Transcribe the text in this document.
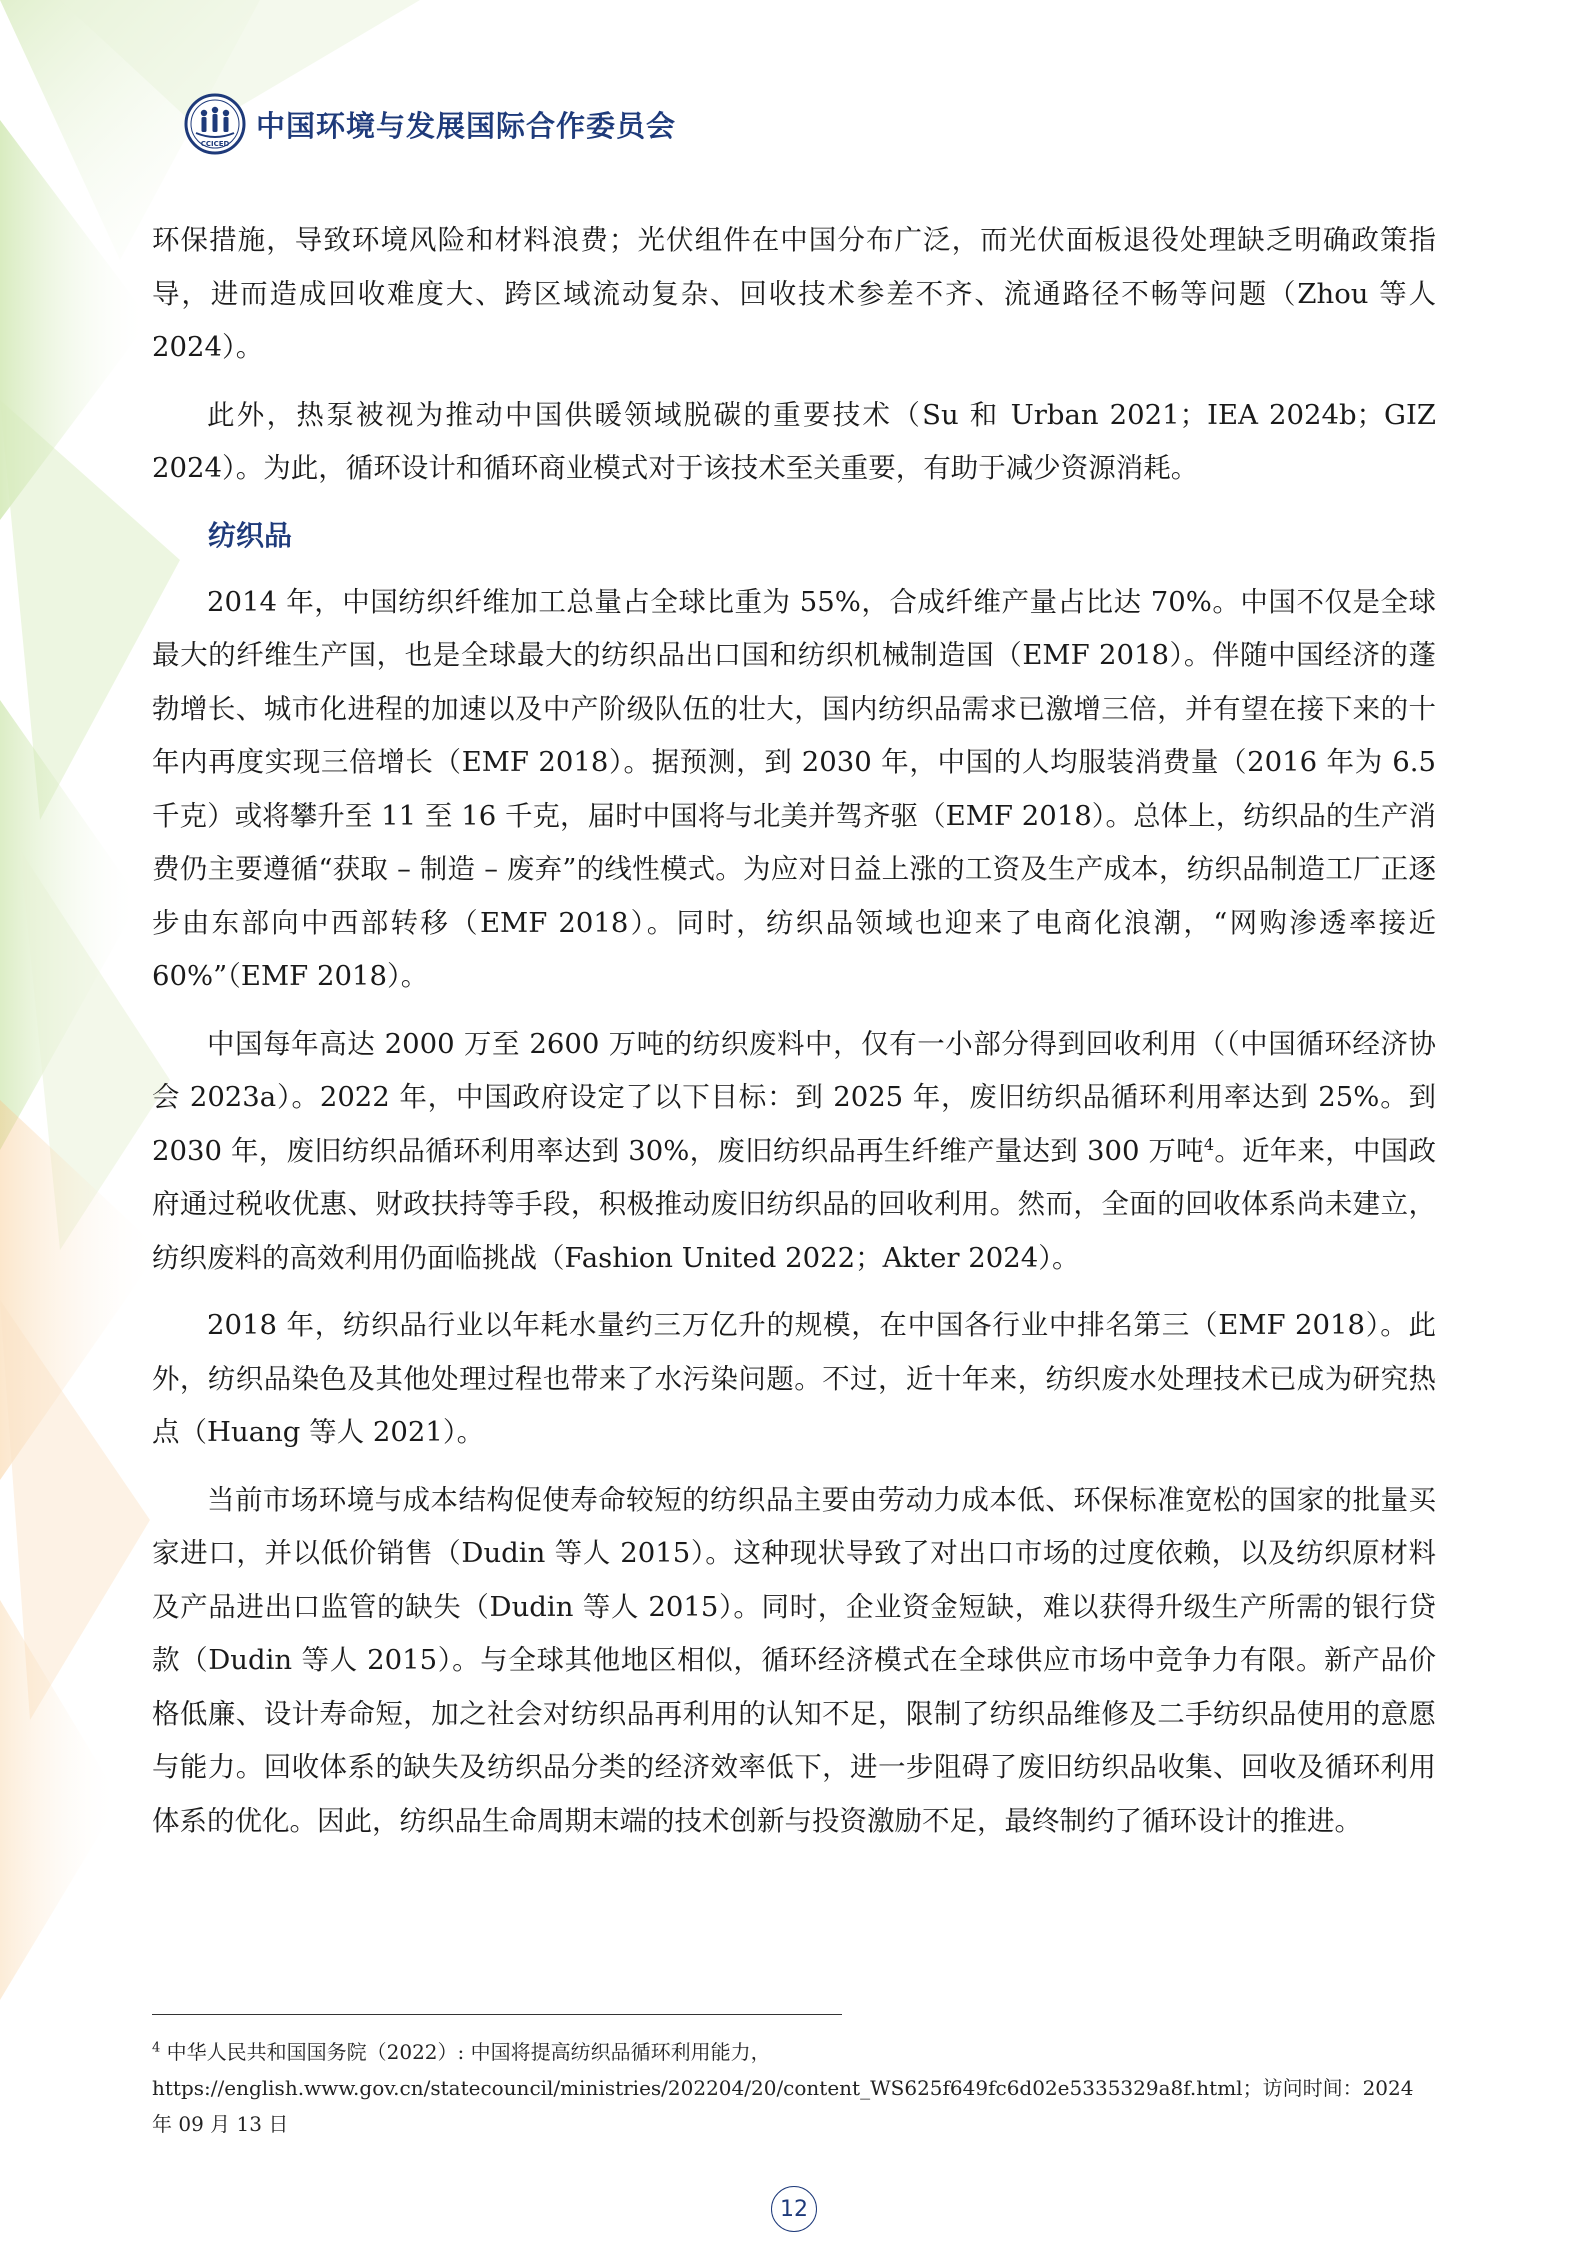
CCICED
中国环境与发展国际合作委员会

环保措施，导致环境风险和材料浪费；光伏组件在中国分布广泛，而光伏面板退役处理缺乏明确政策指导，进而造成回收难度大、跨区域流动复杂、回收技术参差不齐、流通路径不畅等问题（Zhou 等人 2024）。

此外，热泵被视为推动中国供暖领域脱碳的重要技术（Su 和 Urban 2021；IEA 2024b；GIZ 2024）。为此，循环设计和循环商业模式对于该技术至关重要，有助于减少资源消耗。

纺织品

2014 年，中国纺织纤维加工总量占全球比重为 55%，合成纤维产量占比达 70%。中国不仅是全球最大的纤维生产国，也是全球最大的纺织品出口国和纺织机械制造国（EMF 2018）。伴随中国经济的蓬勃增长、城市化进程的加速以及中产阶级队伍的壮大，国内纺织品需求已激增三倍，并有望在接下来的十年内再度实现三倍增长（EMF 2018）。据预测，到 2030 年，中国的人均服装消费量（2016 年为 6.5 千克）或将攀升至 11 至 16 千克，届时中国将与北美并驾齐驱（EMF 2018）。总体上，纺织品的生产消费仍主要遵循“获取 – 制造 – 废弃”的线性模式。为应对日益上涨的工资及生产成本，纺织品制造工厂正逐步由东部向中西部转移（EMF 2018）。同时，纺织品领域也迎来了电商化浪潮，“网购渗透率接近 60%”（EMF 2018）。

中国每年高达 2000 万至 2600 万吨的纺织废料中，仅有一小部分得到回收利用（（中国循环经济协会 2023a）。2022 年，中国政府设定了以下目标：到 2025 年，废旧纺织品循环利用率达到 25%。到 2030 年，废旧纺织品循环利用率达到 30%，废旧纺织品再生纤维产量达到 300 万吨$^4$。近年来，中国政府通过税收优惠、财政扶持等手段，积极推动废旧纺织品的回收利用。然而，全面的回收体系尚未建立，纺织废料的高效利用仍面临挑战（Fashion United 2022；Akter 2024）。

2018 年，纺织品行业以年耗水量约三万亿升的规模，在中国各行业中排名第三（EMF 2018）。此外，纺织品染色及其他处理过程也带来了水污染问题。不过，近十年来，纺织废水处理技术已成为研究热点（Huang 等人 2021）。

当前市场环境与成本结构促使寿命较短的纺织品主要由劳动力成本低、环保标准宽松的国家的批量买家进口，并以低价销售（Dudin 等人 2015）。这种现状导致了对出口市场的过度依赖，以及纺织原材料及产品进出口监管的缺失（Dudin 等人 2015）。同时，企业资金短缺，难以获得升级生产所需的银行贷款（Dudin 等人 2015）。与全球其他地区相似，循环经济模式在全球供应市场中竞争力有限。新产品价格低廉、设计寿命短，加之社会对纺织品再利用的认知不足，限制了纺织品维修及二手纺织品使用的意愿与能力。回收体系的缺失及纺织品分类的经济效率低下，进一步阻碍了废旧纺织品收集、回收及循环利用体系的优化。因此，纺织品生命周期末端的技术创新与投资激励不足，最终制约了循环设计的推进。

$^4$ 中华人民共和国国务院（2022）: 中国将提高纺织品循环利用能力，https://english.www.gov.cn/statecouncil/ministries/202204/20/content_WS625f649fc6d02e5335329a8f.html；访问时间：2024 年 09 月 13 日
12
